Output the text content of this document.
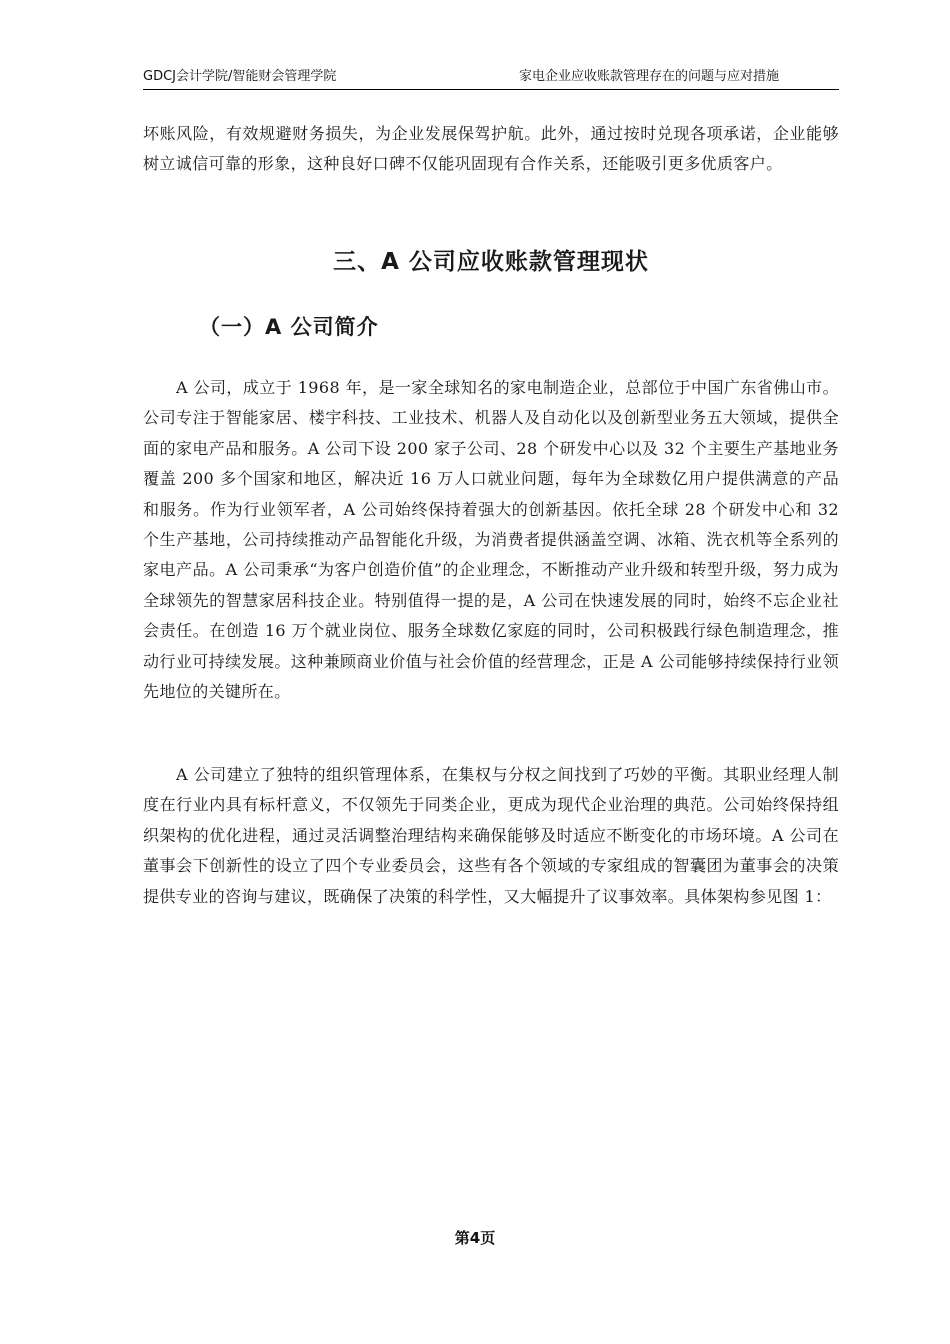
GDCJ会计学院/智能财会管理学院	家电企业应收账款管理存在的问题与应对措施

坏账风险，有效规避财务损失，为企业发展保驾护航。此外，通过按时兑现各项承诺，企业能够树立诚信可靠的形象，这种良好口碑不仅能巩固现有合作关系，还能吸引更多优质客户。

三、A 公司应收账款管理现状
（一）A 公司简介

A 公司，成立于 1968 年，是一家全球知名的家电制造企业，总部位于中国广东省佛山市。公司专注于智能家居、楼宇科技、工业技术、机器人及自动化以及创新型业务五大领域，提供全面的家电产品和服务。A 公司下设 200 家子公司、28 个研发中心以及 32 个主要生产基地业务覆盖 200 多个国家和地区，解决近 16 万人口就业问题，每年为全球数亿用户提供满意的产品和服务。作为行业领军者，A 公司始终保持着强大的创新基因。依托全球 28 个研发中心和 32 个生产基地，公司持续推动产品智能化升级，为消费者提供涵盖空调、冰箱、洗衣机等全系列的家电产品。A 公司秉承“为客户创造价值”的企业理念，不断推动产业升级和转型升级，努力成为全球领先的智慧家居科技企业。特别值得一提的是，A 公司在快速发展的同时，始终不忘企业社会责任。在创造 16 万个就业岗位、服务全球数亿家庭的同时，公司积极践行绿色制造理念，推动行业可持续发展。这种兼顾商业价值与社会价值的经营理念，正是 A 公司能够持续保持行业领先地位的关键所在。

A 公司建立了独特的组织管理体系，在集权与分权之间找到了巧妙的平衡。其职业经理人制度在行业内具有标杆意义，不仅领先于同类企业，更成为现代企业治理的典范。公司始终保持组织架构的优化进程，通过灵活调整治理结构来确保能够及时适应不断变化的市场环境。A 公司在董事会下创新性的设立了四个专业委员会，这些有各个领域的专家组成的智囊团为董事会的决策提供专业的咨询与建议，既确保了决策的科学性，又大幅提升了议事效率。具体架构参见图 1：

第4页
